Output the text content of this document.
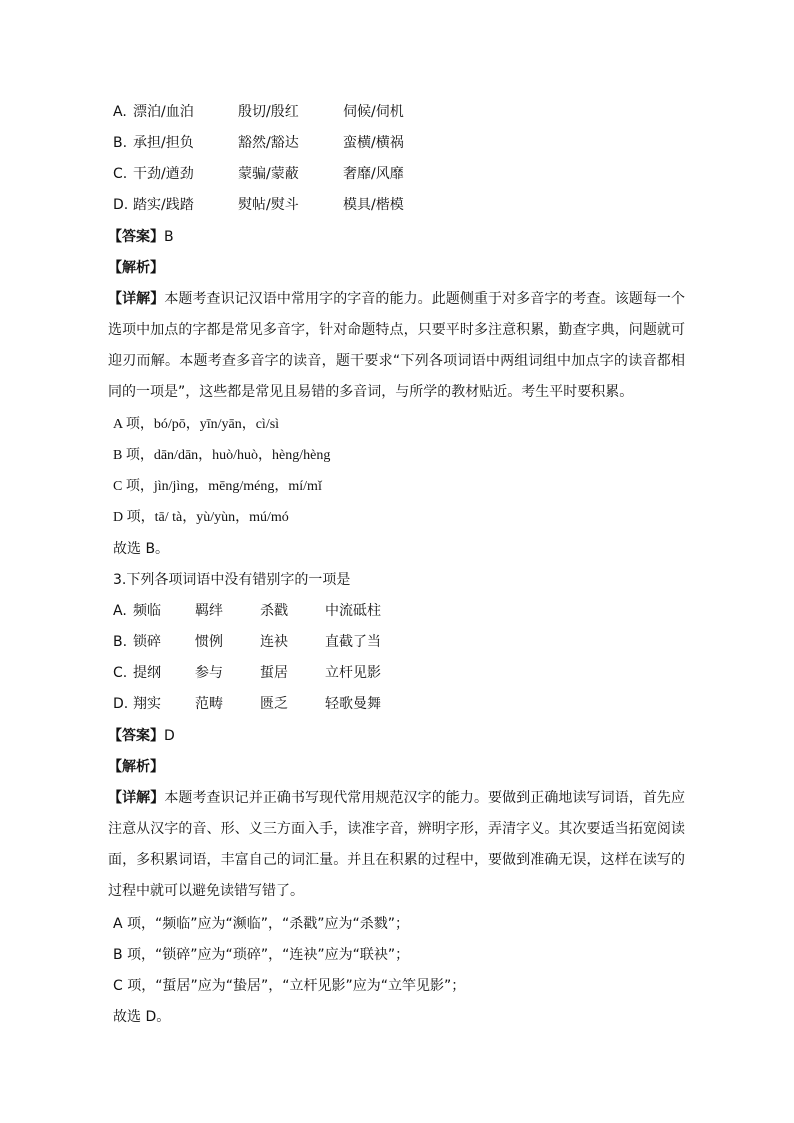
A. 漂泊/血泊	殷切/殷红	伺候/伺机
B. 承担/担负	豁然/豁达	蛮横/横祸
C. 干劲/遒劲	蒙骗/蒙蔽	奢靡/风靡
D. 踏实/践踏	熨帖/熨斗	模具/楷模
【答案】B
【解析】
【详解】本题考查识记汉语中常用字的字音的能力。此题侧重于对多音字的考查。该题每一个选项中加点的字都是常见多音字，针对命题特点，只要平时多注意积累，勤查字典，问题就可迎刃而解。本题考查多音字的读音，题干要求“下列各项词语中两组词组中加点字的读音都相同的一项是”，这些都是常见且易错的多音词，与所学的教材贴近。考生平时要积累。
A 项，bó/pō，yīn/yān，cì/sì
B 项，dān/dān，huò/huò，hèng/hèng
C 项，jìn/jìng，mēng/méng，mí/mǐ
D 项，tā/ tà，yù/yùn，mú/mó
故选 B。
3.下列各项词语中没有错别字的一项是
A. 频临	羁绊	杀戳	中流砥柱
B. 锁碎	惯例	连袂	直截了当
C. 提纲	参与	蜇居	立杆见影
D. 翔实	范畴	匮乏	轻歌曼舞
【答案】D
【解析】
【详解】本题考查识记并正确书写现代常用规范汉字的能力。要做到正确地读写词语，首先应注意从汉字的音、形、义三方面入手，读准字音，辨明字形，弄清字义。其次要适当拓宽阅读面，多积累词语，丰富自己的词汇量。并且在积累的过程中，要做到准确无误，这样在读写的过程中就可以避免读错写错了。
A 项，“频临”应为“濒临”，“杀戳”应为“杀戮”；
B 项，“锁碎”应为“琐碎”，“连袂”应为“联袂”；
C 项，“蜇居”应为“蛰居”，“立杆见影”应为“立竿见影”；
故选 D。
